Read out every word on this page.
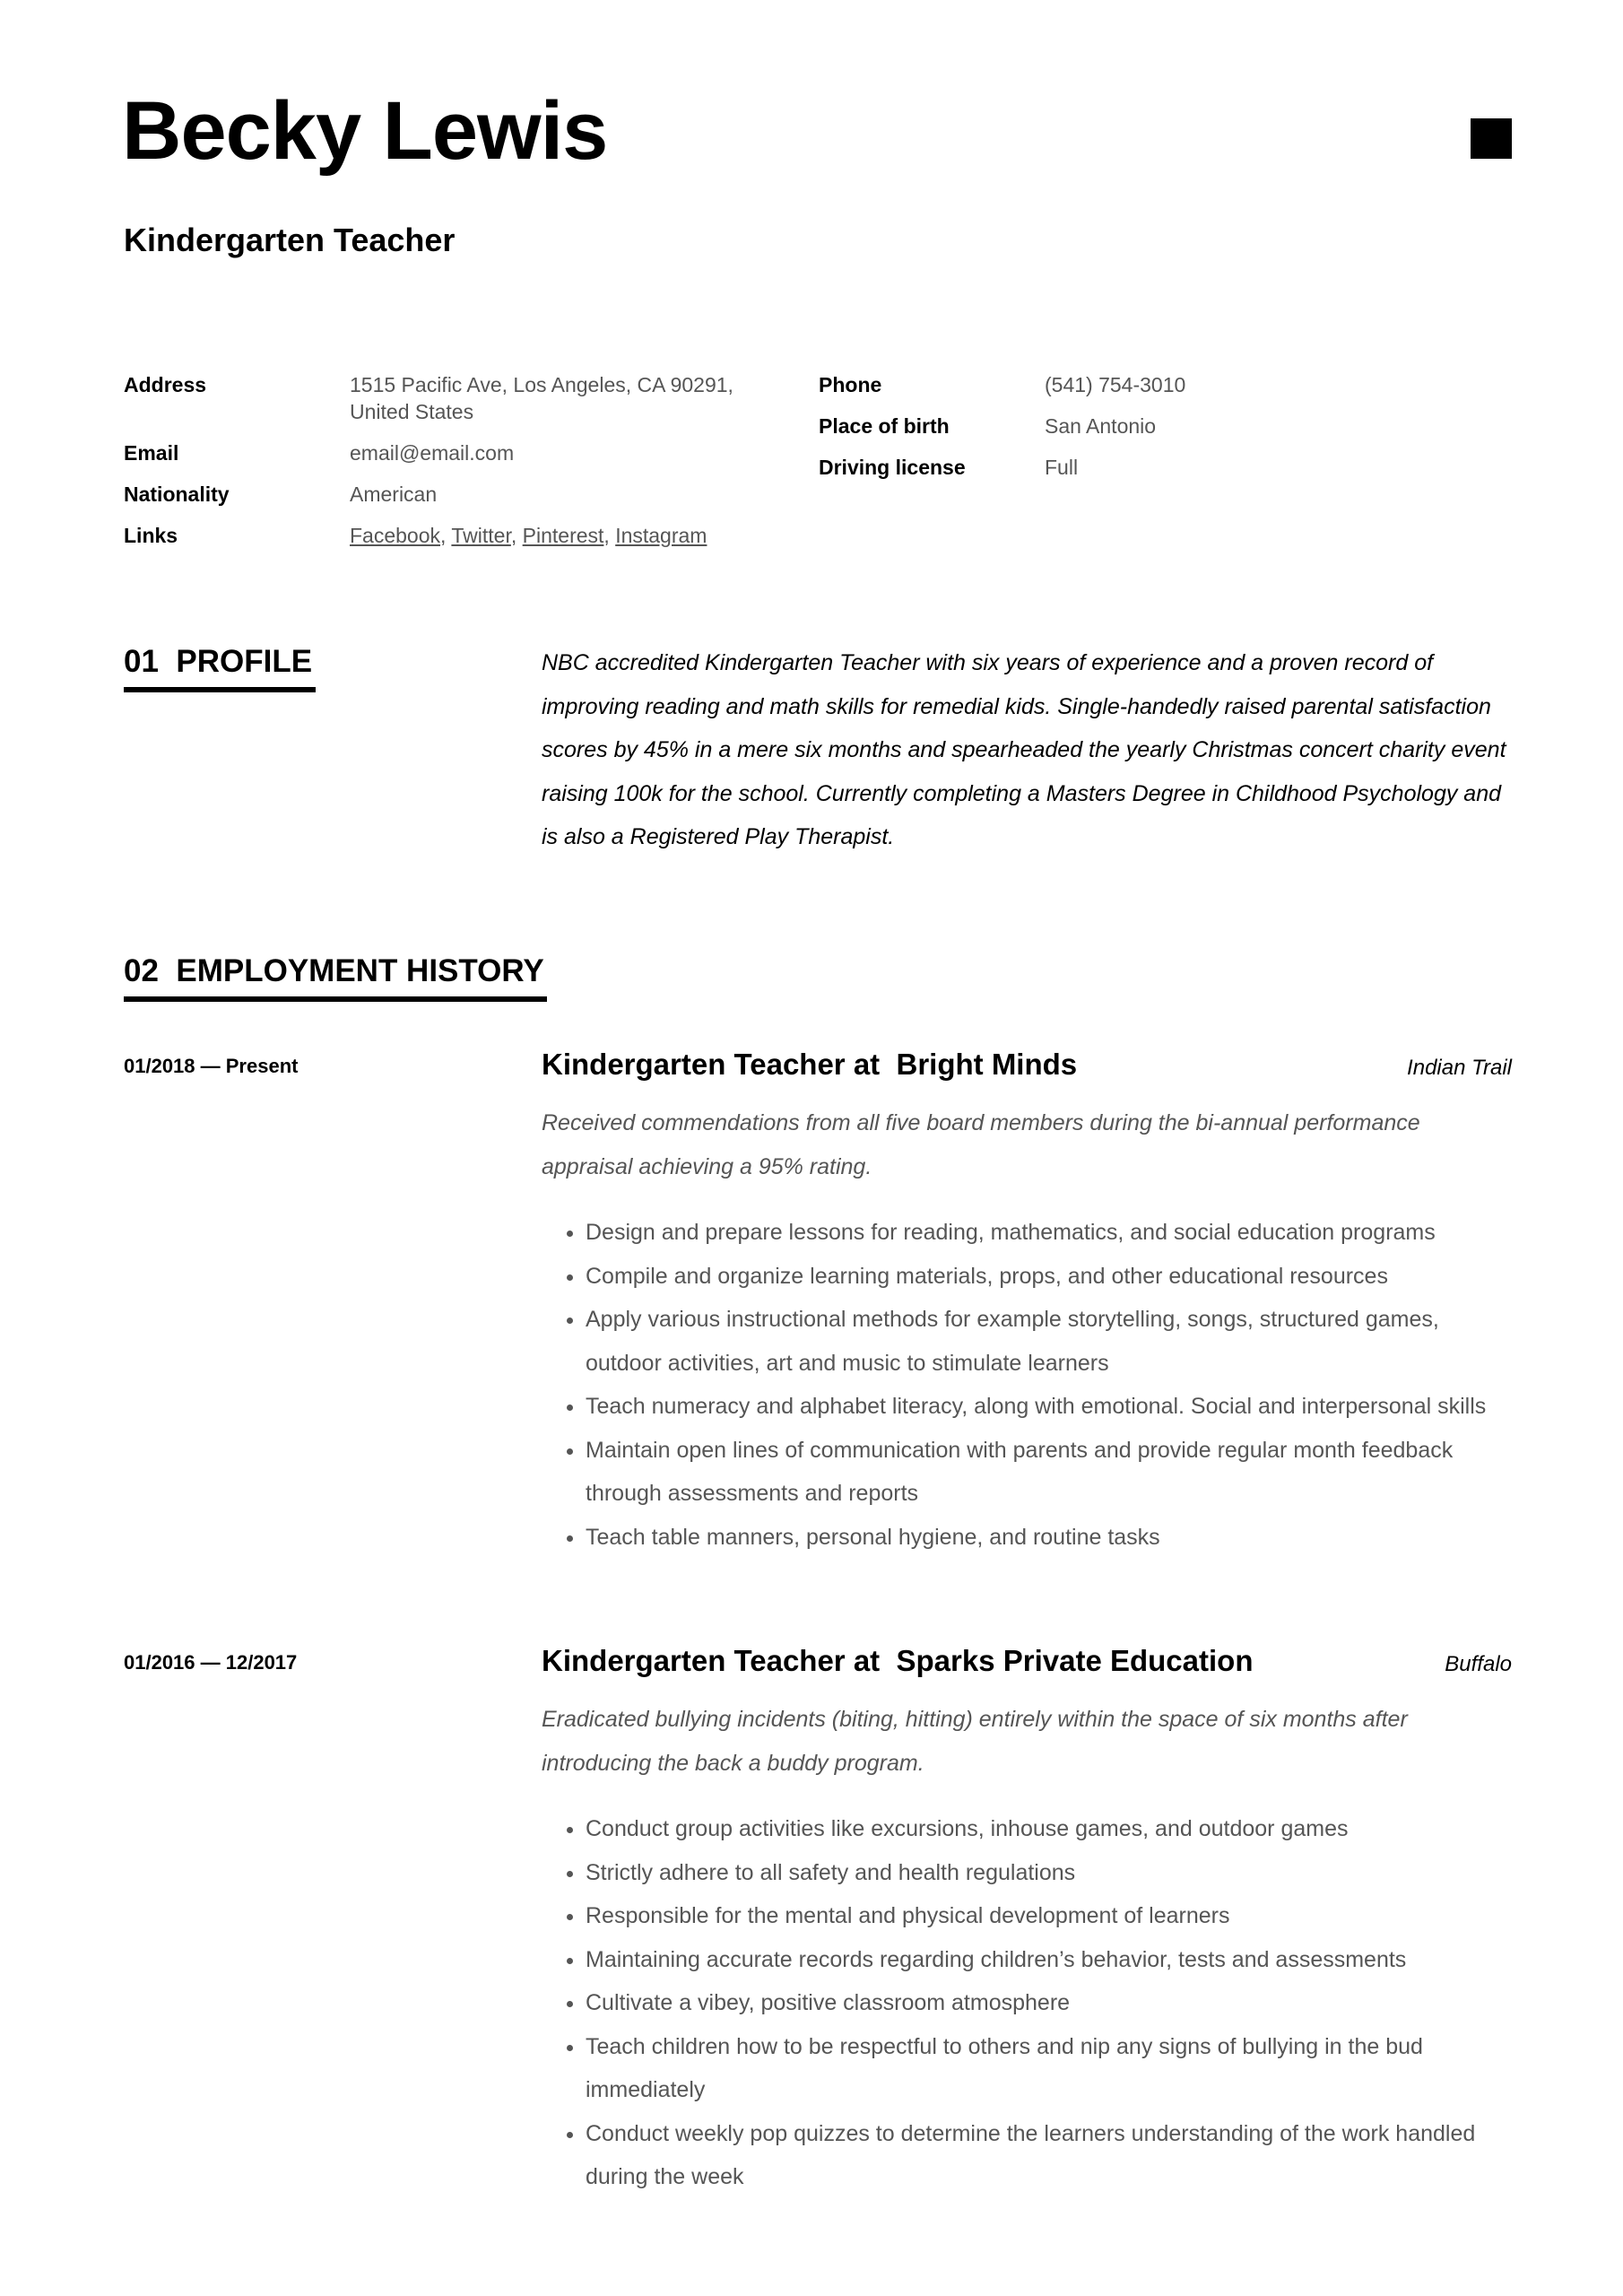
Becky Lewis
Kindergarten Teacher
Address	1515 Pacific Ave, Los Angeles, CA 90291, United States
Email	email@email.com
Nationality	American
Links	Facebook, Twitter, Pinterest, Instagram
Phone	(541) 754-3010
Place of birth	San Antonio
Driving license	Full
01  PROFILE	NBC accredited Kindergarten Teacher with six years of experience and a proven record of improving reading and math skills for remedial kids. Single-handedly raised parental satisfaction scores by 45% in a mere six months and spearheaded the yearly Christmas concert charity event raising 100k for the school. Currently completing a Masters Degree in Childhood Psychology and is also a Registered Play Therapist.
02  EMPLOYMENT HISTORY
01/2018 — Present	Kindergarten Teacher at  Bright Minds	Indian Trail
Received commendations from all five board members during the bi-annual performance appraisal achieving a 95% rating.
• Design and prepare lessons for reading, mathematics, and social education programs
• Compile and organize learning materials, props, and other educational resources
• Apply various instructional methods for example storytelling, songs, structured games, outdoor activities, art and music to stimulate learners
• Teach numeracy and alphabet literacy, along with emotional. Social and interpersonal skills
• Maintain open lines of communication with parents and provide regular month feedback through assessments and reports
• Teach table manners, personal hygiene, and routine tasks
01/2016 — 12/2017	Kindergarten Teacher at  Sparks Private Education	Buffalo
Eradicated bullying incidents (biting, hitting) entirely within the space of six months after introducing the back a buddy program.
• Conduct group activities like excursions, inhouse games, and outdoor games
• Strictly adhere to all safety and health regulations
• Responsible for the mental and physical development of learners
• Maintaining accurate records regarding children’s behavior, tests and assessments
• Cultivate a vibey, positive classroom atmosphere
• Teach children how to be respectful to others and nip any signs of bullying in the bud immediately
• Conduct weekly pop quizzes to determine the learners understanding of the work handled during the week
